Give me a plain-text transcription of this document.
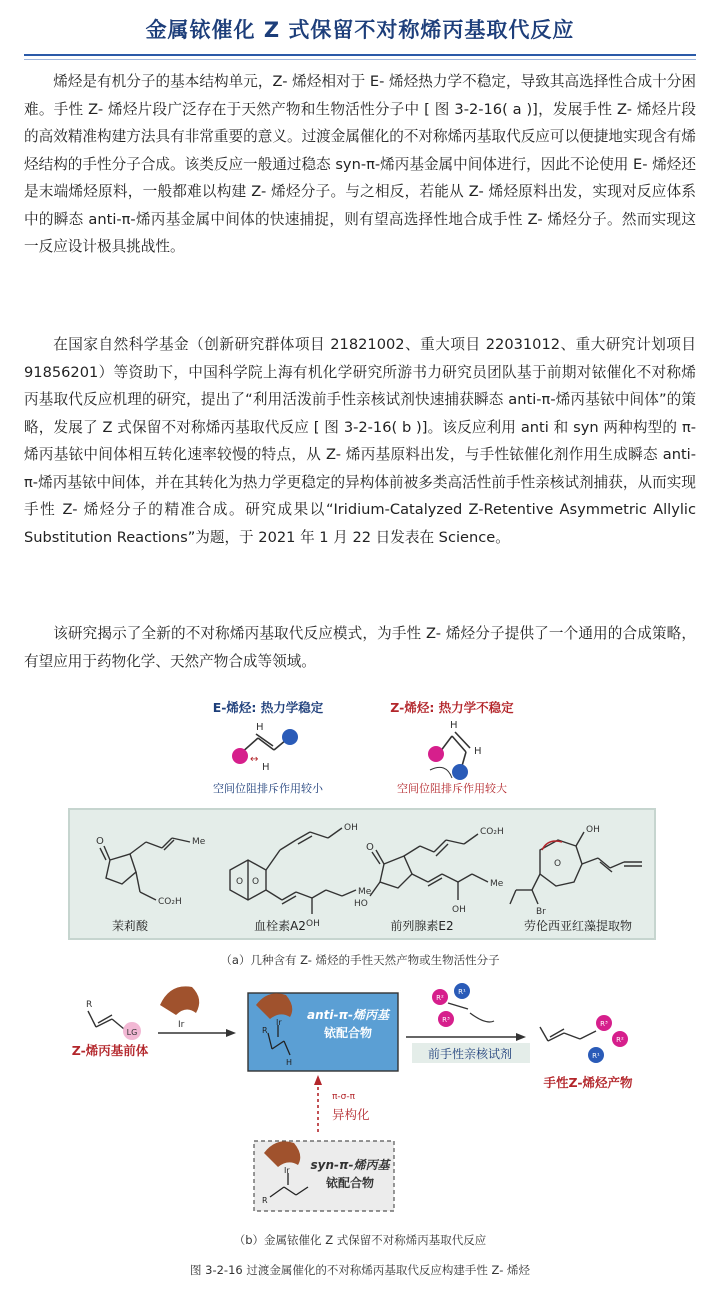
金属铱催化 Z 式保留不对称烯丙基取代反应
烯烃是有机分子的基本结构单元，Z- 烯烃相对于 E- 烯烃热力学不稳定，导致其高选择性合成十分困难。手性 Z- 烯烃片段广泛存在于天然产物和生物活性分子中 [ 图 3-2-16( a )]，发展手性 Z- 烯烃片段的高效精准构建方法具有非常重要的意义。过渡金属催化的不对称烯丙基取代反应可以便捷地实现含有烯烃结构的手性分子合成。该类反应一般通过稳态 syn-π-烯丙基金属中间体进行，因此不论使用 E- 烯烃还是末端烯烃原料，一般都难以构建 Z- 烯烃分子。与之相反，若能从 Z- 烯烃原料出发，实现对反应体系中的瞬态 anti-π-烯丙基金属中间体的快速捕捉，则有望高选择性地合成手性 Z- 烯烃分子。然而实现这一反应设计极具挑战性。
在国家自然科学基金（创新研究群体项目 21821002、重大项目 22031012、重大研究计划项目 91856201）等资助下，中国科学院上海有机化学研究所游书力研究员团队基于前期对铱催化不对称烯丙基取代反应机理的研究，提出了“利用活泼前手性亲核试剂快速捕获瞬态 anti-π-烯丙基铱中间体”的策略，发展了 Z 式保留不对称烯丙基取代反应 [ 图 3-2-16( b )]。该反应利用 anti 和 syn 两种构型的 π-烯丙基铱中间体相互转化速率较慢的特点，从 Z- 烯丙基原料出发，与手性铱催化剂作用生成瞬态 anti-π-烯丙基铱中间体，并在其转化为热力学更稳定的异构体前被多类高活性前手性亲核试剂捕获，从而实现手性 Z- 烯烃分子的精准合成。研究成果以“Iridium-Catalyzed Z-Retentive Asymmetric Allylic Substitution Reactions”为题，于 2021 年 1 月 22 日发表在 Science。
该研究揭示了全新的不对称烯丙基取代反应模式，为手性 Z- 烯烃分子提供了一个通用的合成策略，有望应用于药物化学、天然产物合成等领域。
E-烯烃: 热力学稳定	Z-烯烃: 热力学不稳定
H
H
↔
空间位阻排斥作用较小
H
H
空间位阻排斥作用较大
O	Me
CO₂H
OH
O O
Me
OH
O
CO₂H
Me
OH
HO
O
OH
Br
茉莉酸	血栓素A2	前列腺素E2	劳伦西亚红藻提取物
（a）几种含有 Z- 烯烃的手性天然产物或生物活性分子
LG
R
Z-烯丙基前体
Ir
R
Ir
H
anti-π-烯丙基
铱配合物
R²
R¹
R³
前手性亲核试剂
R³
R²
R¹
手性Z-烯烃产物
π-σ-π
异构化
R
Ir syn-π-烯丙基
铱配合物
（b）金属铱催化 Z 式保留不对称烯丙基取代反应
图 3-2-16 过渡金属催化的不对称烯丙基取代反应构建手性 Z- 烯烃
